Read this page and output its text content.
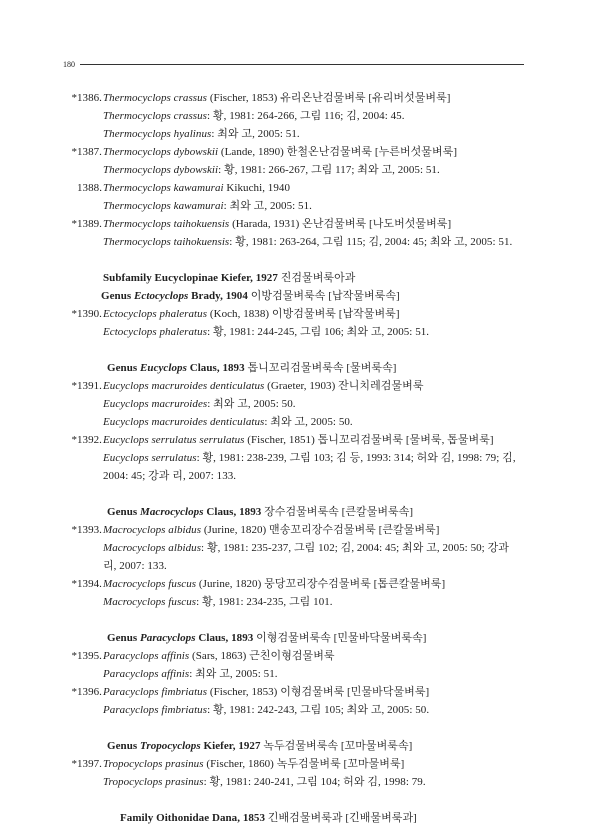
180
*1386. Thermocyclops crassus (Fischer, 1853) 유리온난검물벼룩 [유리버섯물벼룩]
Thermocyclops crassus: 황, 1981: 264-266, 그림 116; 김, 2004: 45.
Thermocyclops hyalinus: 최와 고, 2005: 51.
*1387. Thermocyclops dybowskii (Lande, 1890) 한철온난검물벼룩 [누른버섯물벼룩]
Thermocyclops dybowskii: 황, 1981: 266-267, 그림 117; 최와 고, 2005: 51.
1388. Thermocyclops kawamurai Kikuchi, 1940
Thermocyclops kawamurai: 최와 고, 2005: 51.
*1389. Thermocyclops taihokuensis (Harada, 1931) 온난검물벼룩 [나도버섯물벼룩]
Thermocyclops taihokuensis: 황, 1981: 263-264, 그림 115; 김, 2004: 45; 최와 고, 2005: 51.
Subfamily Eucyclopinae Kiefer, 1927 진검물벼룩아과
Genus Ectocyclops Brady, 1904 이방검물벼룩속 [납작물벼룩속]
*1390. Ectocyclops phaleratus (Koch, 1838) 이방검물벼룩 [납작물벼룩]
Ectocyclops phaleratus: 황, 1981: 244-245, 그림 106; 최와 고, 2005: 51.
Genus Eucyclops Claus, 1893 톱니꼬리검물벼룩속 [물벼룩속]
*1391. Eucyclops macruroides denticulatus (Graeter, 1903) 잔니치레검물벼룩
Eucyclops macruroides: 최와 고, 2005: 50.
Eucyclops macruroides denticulatus: 최와 고, 2005: 50.
*1392. Eucyclops serrulatus serrulatus (Fischer, 1851) 톱니꼬리검물벼룩 [물벼룩, 톱물벼룩]
Eucyclops serrulatus: 황, 1981: 238-239, 그림 103; 김 등, 1993: 314; 허와 김, 1998: 79; 김,
2004: 45; 강과 리, 2007: 133.
Genus Macrocyclops Claus, 1893 장수검물벼룩속 [큰칼물벼룩속]
*1393. Macrocyclops albidus (Jurine, 1820) 맨송꼬리장수검물벼룩 [큰칼물벼룩]
Macrocyclops albidus: 황, 1981: 235-237, 그림 102; 김, 2004: 45; 최와 고, 2005: 50; 강과
리, 2007: 133.
*1394. Macrocyclops fuscus (Jurine, 1820) 뭉당꼬리장수검물벼룩 [톱큰칼물벼룩]
Macrocyclops fuscus: 황, 1981: 234-235, 그림 101.
Genus Paracyclops Claus, 1893 이형검물벼룩속 [민물바닥물벼룩속]
*1395. Paracyclops affinis (Sars, 1863) 근친이형검물벼룩
Paracyclops affinis: 최와 고, 2005: 51.
*1396. Paracyclops fimbriatus (Fischer, 1853) 이형검물벼룩 [민물바닥물벼룩]
Paracyclops fimbriatus: 황, 1981: 242-243, 그림 105; 최와 고, 2005: 50.
Genus Tropocyclops Kiefer, 1927 녹두검물벼룩속 [꼬마물벼룩속]
*1397. Tropocyclops prasinus (Fischer, 1860) 녹두검물벼룩 [꼬마물벼룩]
Tropocyclops prasinus: 황, 1981: 240-241, 그림 104; 허와 김, 1998: 79.
Family Oithonidae Dana, 1853 긴배검물벼룩과 [긴배물벼룩과]
